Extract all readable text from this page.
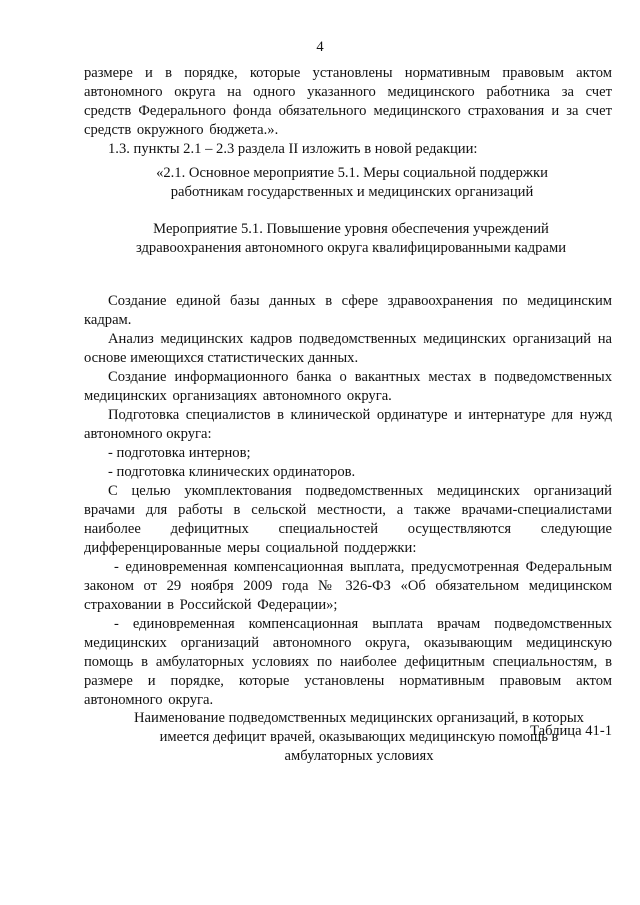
4

размере и в порядке, которые установлены нормативным правовым актом автономного округа на одного указанного медицинского работника за счет средств Федерального фонда обязательного медицинского страхования и за счет средств окружного бюджета.».

1.3. пункты 2.1 – 2.3 раздела II изложить в новой редакции:

«2.1. Основное мероприятие 5.1. Меры социальной поддержки работникам государственных и медицинских организаций

Мероприятие 5.1. Повышение уровня обеспечения учреждений здравоохранения автономного округа квалифицированными кадрами

Создание единой базы данных в сфере здравоохранения по медицинским кадрам.

Анализ медицинских кадров подведомственных медицинских организаций на основе имеющихся статистических данных.

Создание информационного банка о вакантных местах в подведомственных медицинских организациях автономного округа.

Подготовка специалистов в клинической ординатуре и интернатуре для нужд автономного округа:

- подготовка интернов;

- подготовка клинических ординаторов.

С целью укомплектования подведомственных медицинских организаций врачами для работы в сельской местности, а также врачами-специалистами наиболее дефицитных специальностей осуществляются следующие дифференцированные меры социальной поддержки:

- единовременная компенсационная выплата, предусмотренная Федеральным законом от 29 ноября 2009 года № 326-ФЗ «Об обязательном медицинском страховании в Российской Федерации»;

- единовременная компенсационная выплата врачам подведомственных медицинских организаций автономного округа, оказывающим медицинскую помощь в амбулаторных условиях по наиболее дефицитным специальностям, в размере и порядке, которые установлены нормативным правовым актом автономного округа.

Таблица 41-1

Наименование подведомственных медицинских организаций, в которых имеется дефицит врачей, оказывающих медицинскую помощь в амбулаторных условиях
